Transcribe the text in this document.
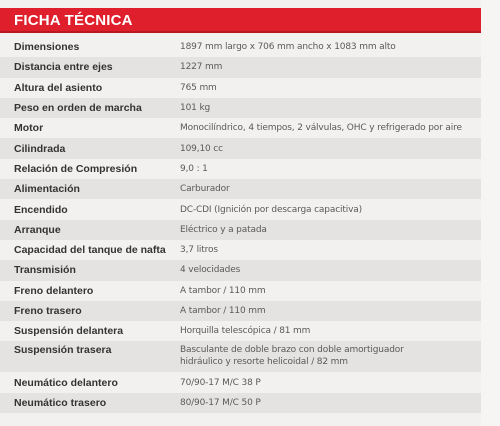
FICHA TÉCNICA
Dimensiones	1897 mm largo x 706 mm ancho x 1083 mm alto
Distancia entre ejes	1227 mm
Altura del asiento	765 mm
Peso en orden de marcha	101 kg
Motor	Monocilíndrico, 4 tiempos, 2 válvulas, OHC y refrigerado por aire
Cilindrada	109,10 cc
Relación de Compresión	9,0 : 1
Alimentación	Carburador
Encendido	DC-CDI (Ignición por descarga capacitiva)
Arranque	Eléctrico y a patada
Capacidad del tanque de nafta	3,7 litros
Transmisión	4 velocidades
Freno delantero	A tambor / 110 mm
Freno trasero	A tambor / 110 mm
Suspensión delantera	Horquilla telescópica / 81 mm
Suspensión trasera	Basculante de doble brazo con doble amortiguador
hidráulico y resorte helicoidal / 82 mm
Neumático delantero	70/90-17 M/C 38 P
Neumático trasero	80/90-17 M/C 50 P
